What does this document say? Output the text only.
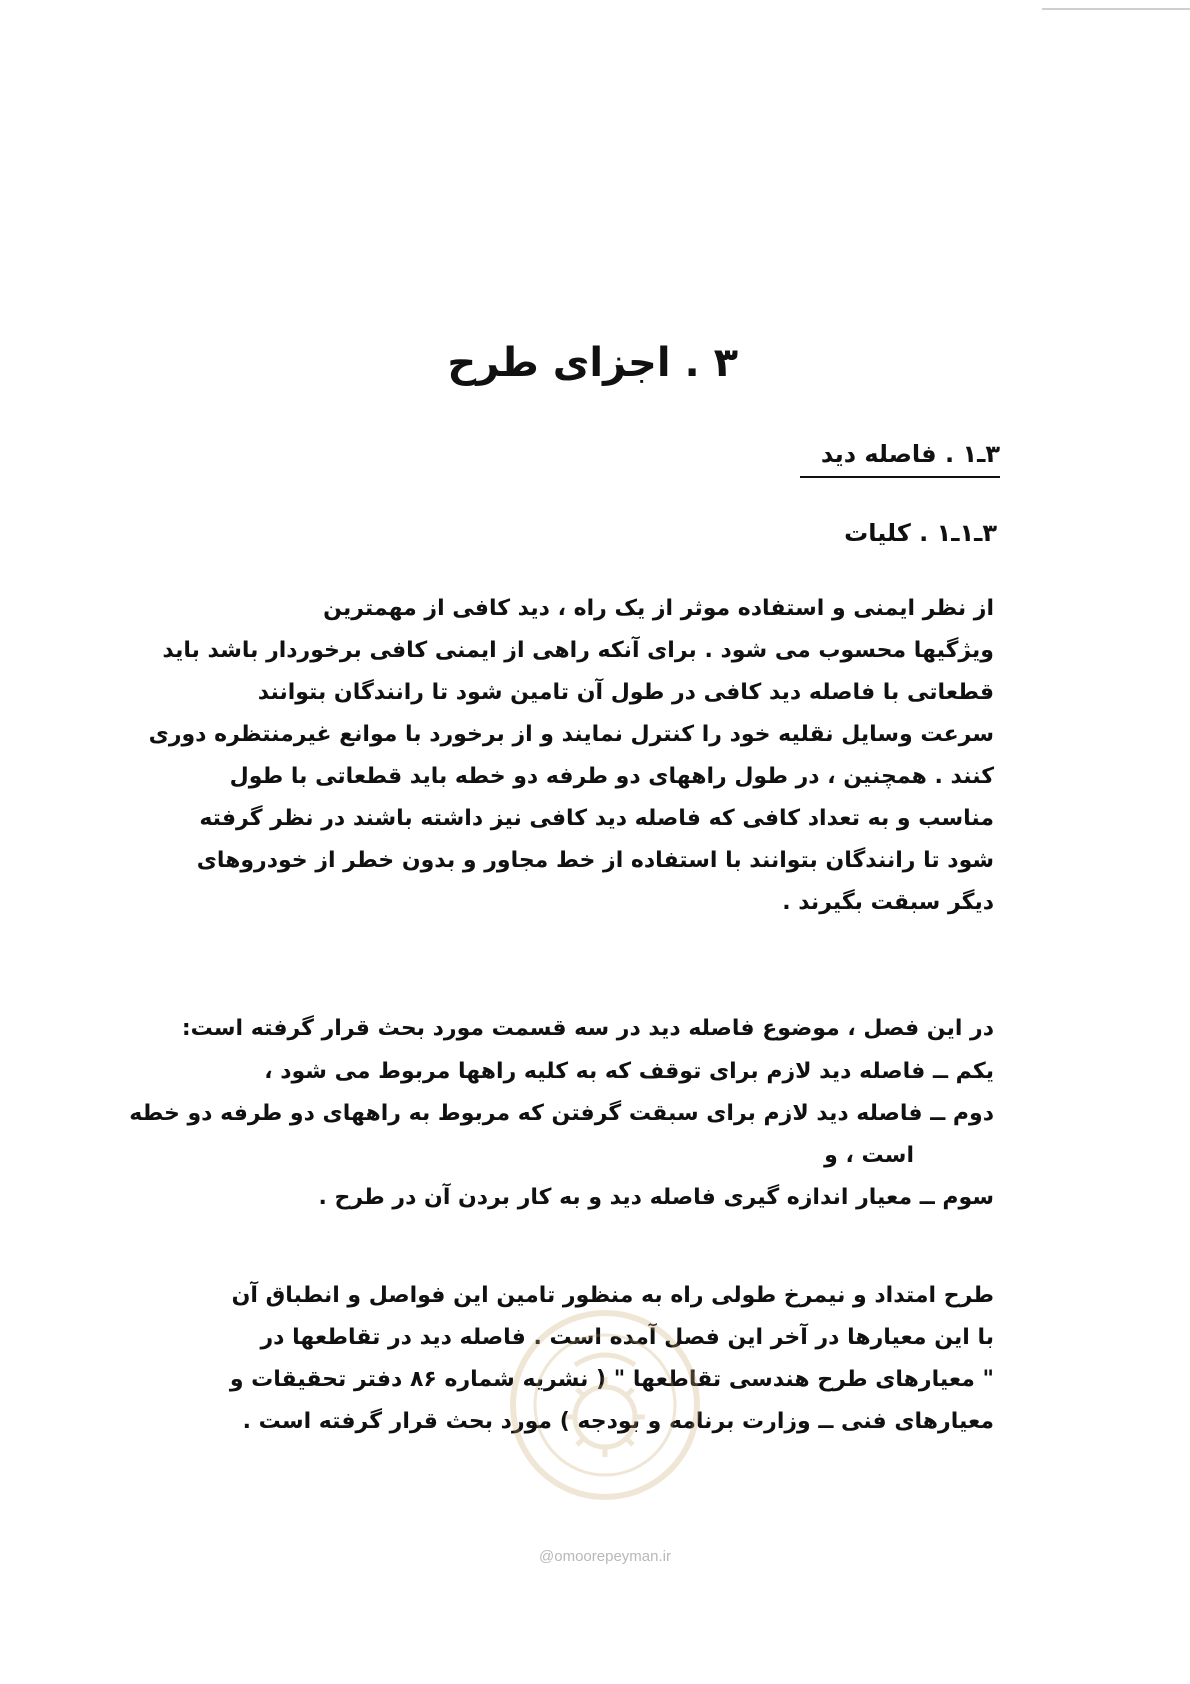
۳ . اجزای طرح
۳ـ۱ . فاصله دید
۳ـ۱ـ۱ . کلیات
از نظر ایمنی و استفاده موثر از یک راه ، دید کافی از مهمترین
ویژگیها محسوب می شود . برای آنکه راهی از ایمنی کافی برخوردار باشد باید
قطعاتی با فاصله دید کافی در طول آن تامین شود تا رانندگان بتوانند
سرعت وسایل نقلیه خود را کنترل نمایند و از برخورد با موانع غیرمنتظره دوری
کنند . همچنین ، در طول راههای دو طرفه دو خطه باید قطعاتی با طول
مناسب و به تعداد کافی که فاصله دید کافی نیز داشته باشند در نظر گرفته
شود تا رانندگان بتوانند با استفاده از خط مجاور و بدون خطر از خودروهای
دیگر سبقت بگیرند .
در این فصل ، موضوع فاصله دید در سه قسمت مورد بحث قرار گرفته است:
یکم ــ فاصله دید لازم برای توقف که به کلیه راهها مربوط می شود ،
دوم ــ فاصله دید لازم برای سبقت گرفتن که مربوط به راههای دو طرفه دو خطه
است ، و
سوم ــ معیار اندازه گیری فاصله دید و به کار بردن آن در طرح .
طرح امتداد و نیمرخ طولی راه به منظور تامین این فواصل و انطباق آن
با این معیارها در آخر این فصل آمده است . فاصله دید در تقاطعها در
" معیارهای طرح هندسی تقاطعها " ( نشریه شماره ۸۶ دفتر تحقیقات و
معیارهای فنی ــ وزارت برنامه و بودجه ) مورد بحث قرار گرفته است .
@omoorepeyman.ir
